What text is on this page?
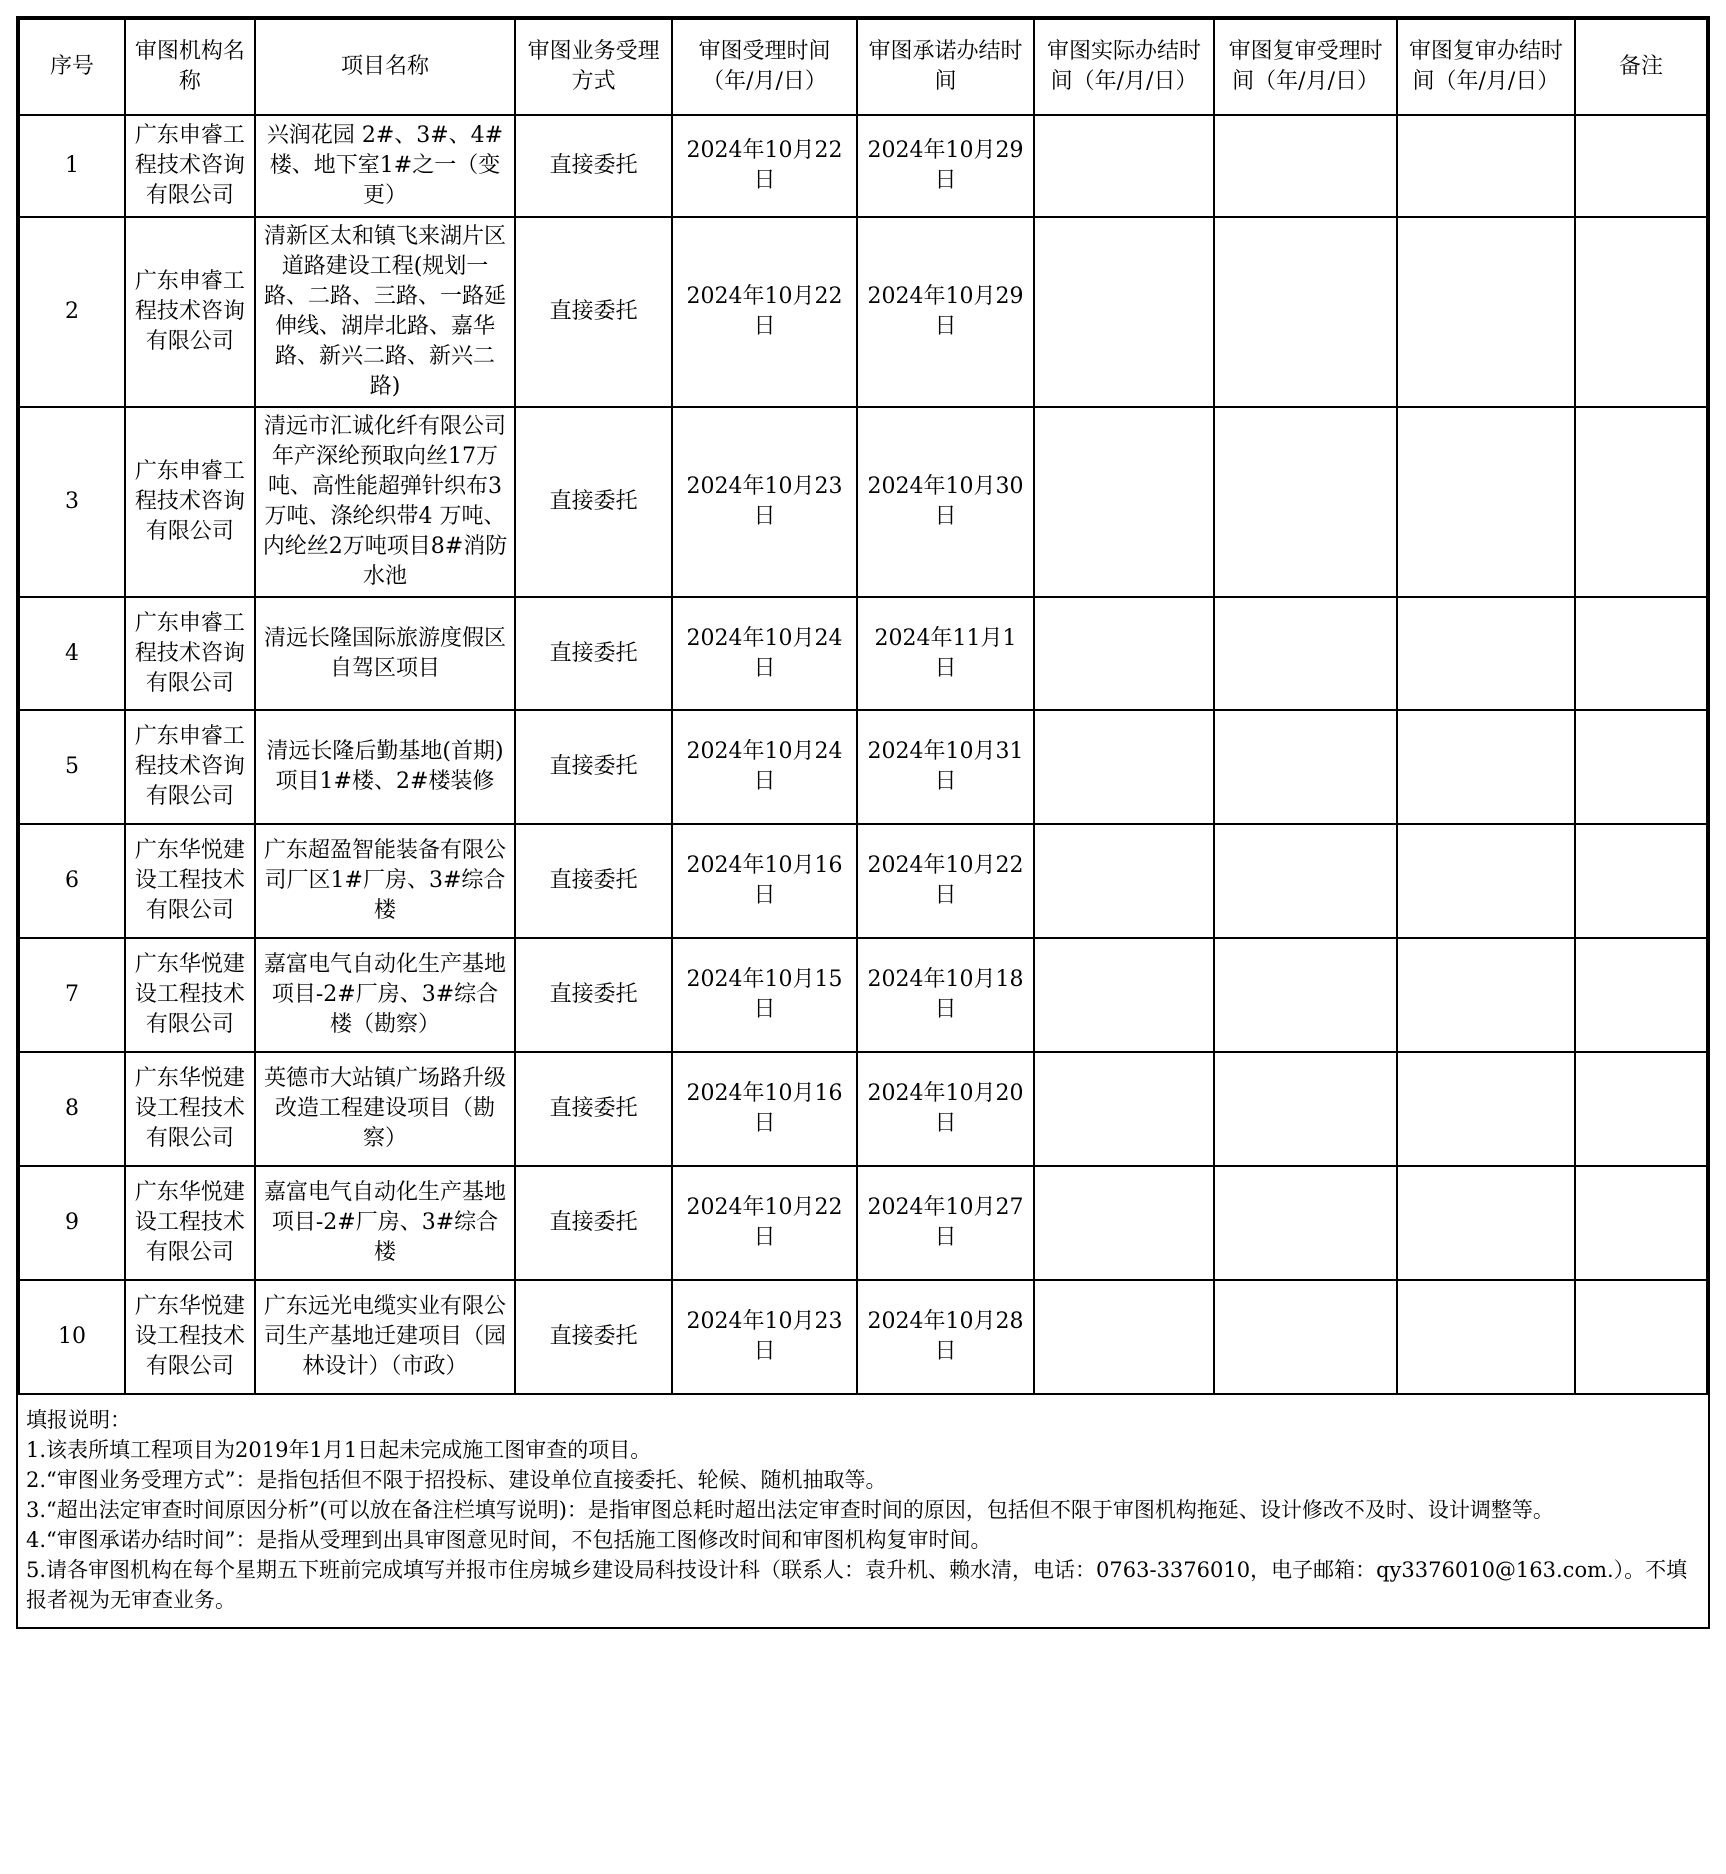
序号	审图机构名称	项目名称	审图业务受理方式	审图受理时间（年/月/日）	审图承诺办结时间	审图实际办结时间（年/月/日）	审图复审受理时间（年/月/日）	审图复审办结时间（年/月/日）	备注
1	广东申睿工程技术咨询有限公司	兴润花园 2#、3#、4#楼、地下室1#之一（变更）	直接委托	2024年10月22日	2024年10月29日				
2	广东申睿工程技术咨询有限公司	清新区太和镇飞来湖片区道路建设工程(规划一路、二路、三路、一路延伸线、湖岸北路、嘉华路、新兴二路、新兴二路)	直接委托	2024年10月22日	2024年10月29日				
3	广东申睿工程技术咨询有限公司	清远市汇诚化纤有限公司年产深纶预取向丝17万吨、高性能超弹针织布3万吨、涤纶织带4 万吨、内纶丝2万吨项目8#消防水池	直接委托	2024年10月23日	2024年10月30日				
4	广东申睿工程技术咨询有限公司	清远长隆国际旅游度假区自驾区项目	直接委托	2024年10月24日	2024年11月1日				
5	广东申睿工程技术咨询有限公司	清远长隆后勤基地(首期)项目1#楼、2#楼装修	直接委托	2024年10月24日	2024年10月31日				
6	广东华悦建设工程技术有限公司	广东超盈智能装备有限公司厂区1#厂房、3#综合楼	直接委托	2024年10月16日	2024年10月22日				
7	广东华悦建设工程技术有限公司	嘉富电气自动化生产基地项目-2#厂房、3#综合楼（勘察）	直接委托	2024年10月15日	2024年10月18日				
8	广东华悦建设工程技术有限公司	英德市大站镇广场路升级改造工程建设项目（勘察）	直接委托	2024年10月16日	2024年10月20日				
9	广东华悦建设工程技术有限公司	嘉富电气自动化生产基地项目-2#厂房、3#综合楼	直接委托	2024年10月22日	2024年10月27日				
10	广东华悦建设工程技术有限公司	广东远光电缆实业有限公司生产基地迁建项目（园林设计）（市政）	直接委托	2024年10月23日	2024年10月28日				
填报说明：
1.该表所填工程项目为2019年1月1日起未完成施工图审查的项目。
2.“审图业务受理方式”：是指包括但不限于招投标、建设单位直接委托、轮候、随机抽取等。
3.“超出法定审查时间原因分析”(可以放在备注栏填写说明)：是指审图总耗时超出法定审查时间的原因，包括但不限于审图机构拖延、设计修改不及时、设计调整等。
4.“审图承诺办结时间”：是指从受理到出具审图意见时间，不包括施工图修改时间和审图机构复审时间。
5.请各审图机构在每个星期五下班前完成填写并报市住房城乡建设局科技设计科（联系人：袁升机、赖水清，电话：0763-3376010，电子邮箱：qy3376010@163.com.）。不填报者视为无审查业务。
